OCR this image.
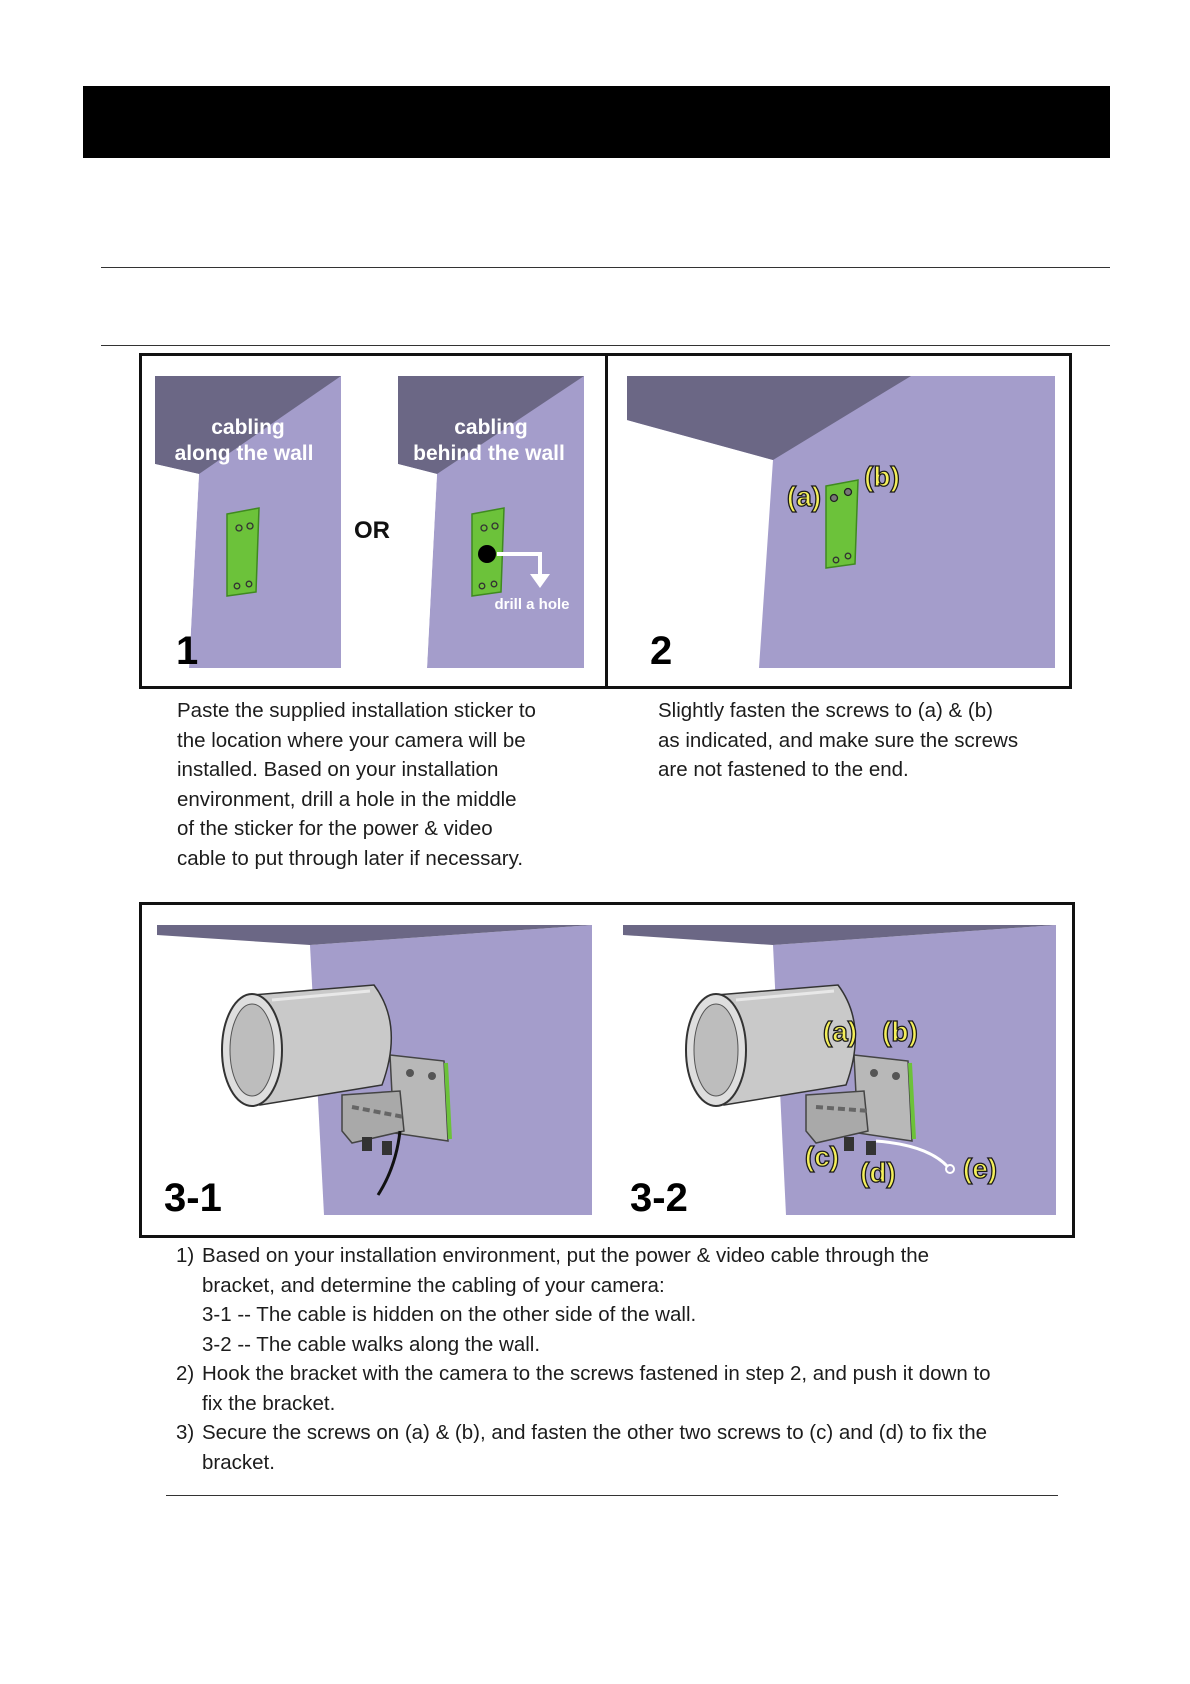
cabling
along the wall
OR
cabling
behind the wall
drill a hole
1
(a)
(b)
2

Paste the supplied installation sticker to

the location where your camera will be

installed. Based on your installation

environment, drill a hole in the middle

of the sticker for the power & video

cable to put through later if necessary.

Slightly fasten the screws to (a) & (b)

as indicated, and make sure the screws

are not fastened to the end.

3-1
(a) (b)
(c)
(d) (e)
3-2
1) Based on your installation environment, put the power & video cable through the
bracket, and determine the cabling of your camera:
3-1 -- The cable is hidden on the other side of the wall.
3-2 -- The cable walks along the wall.
2) Hook the bracket with the camera to the screws fastened in step 2, and push it down to
fix the bracket.
3) Secure the screws on (a) & (b), and fasten the other two screws to (c) and (d) to fix the
bracket.
